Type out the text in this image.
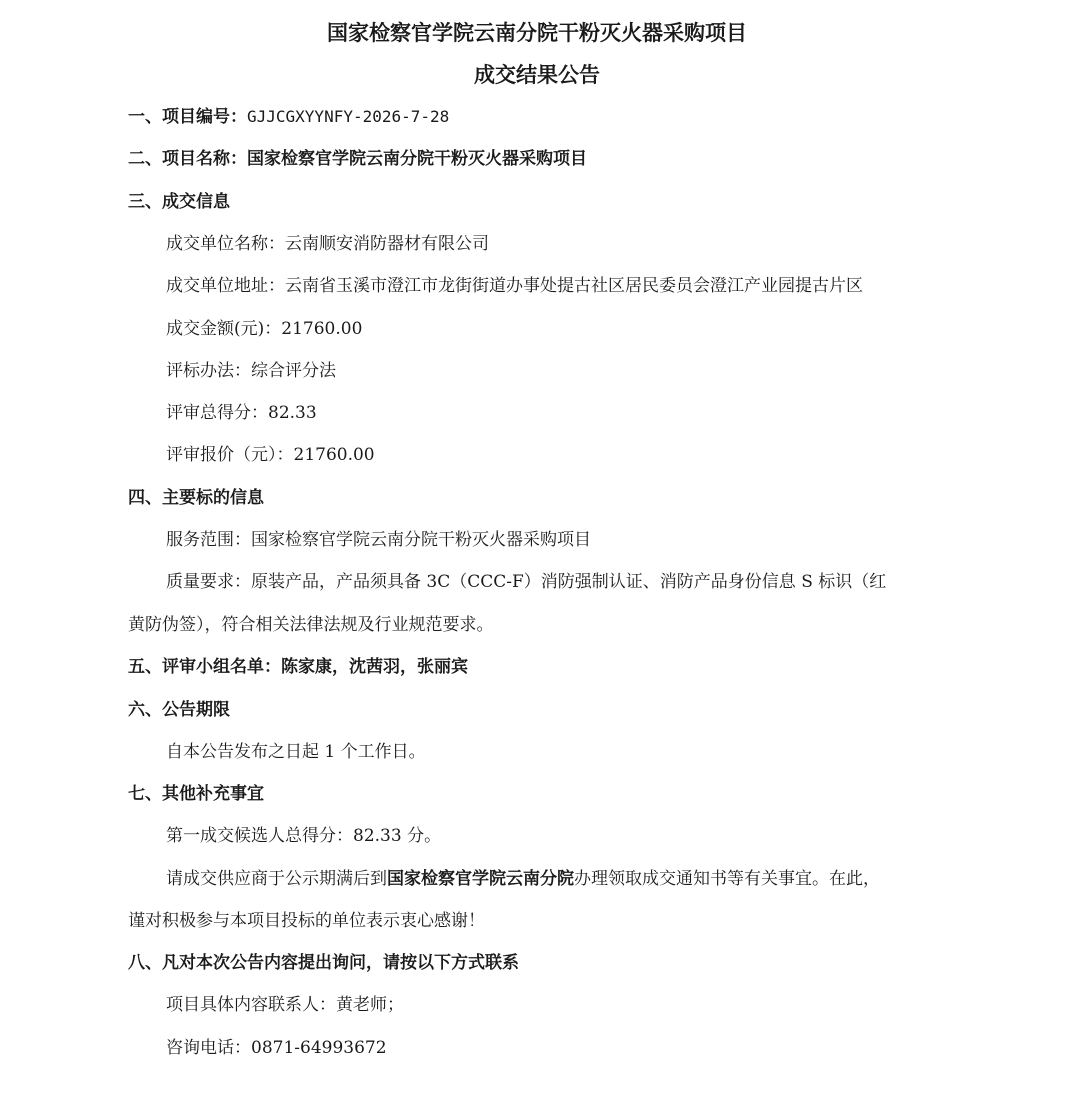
国家检察官学院云南分院干粉灭火器采购项目
成交结果公告
一、项目编号：GJJCGXYYNFY-2026-7-28
二、项目名称：国家检察官学院云南分院干粉灭火器采购项目
三、成交信息
成交单位名称：云南顺安消防器材有限公司
成交单位地址：云南省玉溪市澄江市龙街街道办事处提古社区居民委员会澄江产业园提古片区
成交金额(元)：21760.00
评标办法：综合评分法
评审总得分：82.33
评审报价（元）：21760.00
四、主要标的信息
服务范围：国家检察官学院云南分院干粉灭火器采购项目
质量要求：原装产品，产品须具备 3C（CCC-F）消防强制认证、消防产品身份信息 S 标识（红
黄防伪签），符合相关法律法规及行业规范要求。
五、评审小组名单：陈家康，沈茜羽，张丽宾
六、公告期限
自本公告发布之日起 1 个工作日。
七、其他补充事宜
第一成交候选人总得分：82.33 分。
请成交供应商于公示期满后到国家检察官学院云南分院办理领取成交通知书等有关事宜。在此，
谨对积极参与本项目投标的单位表示衷心感谢！
八、凡对本次公告内容提出询问，请按以下方式联系
项目具体内容联系人：黄老师；
咨询电话：0871-64993672
